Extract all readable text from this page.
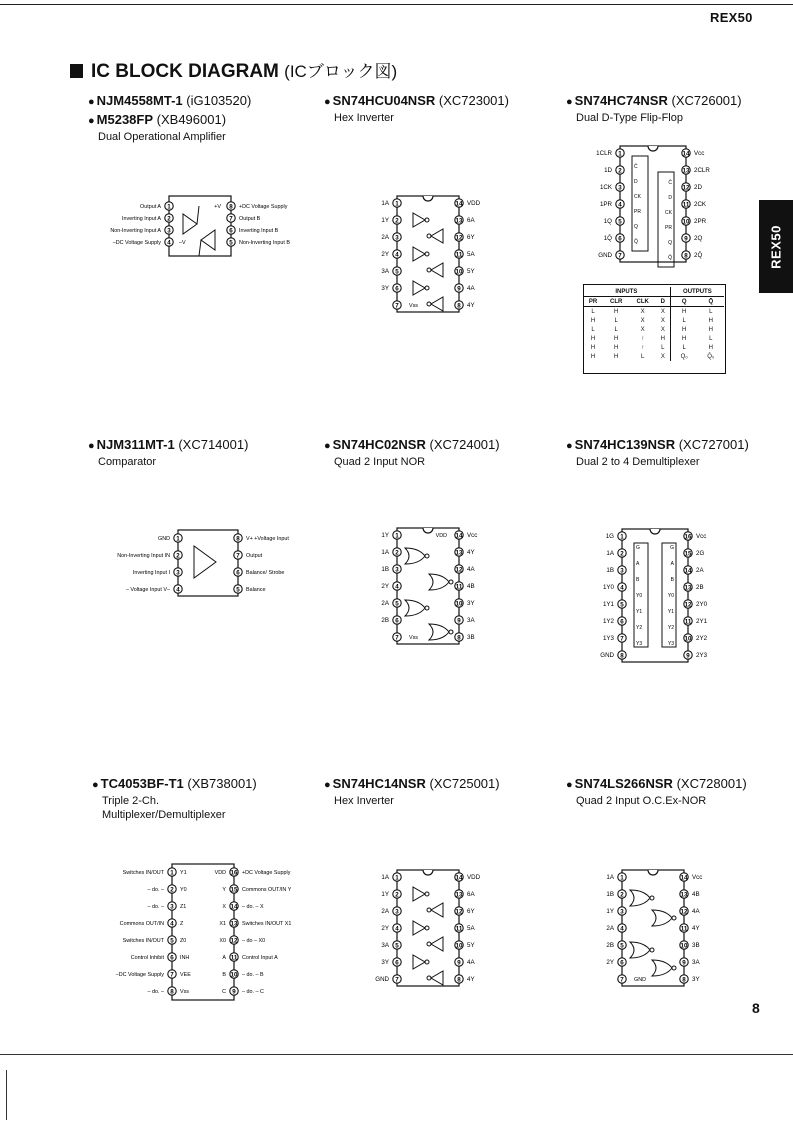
REX50
REX50
IC BLOCK DIAGRAM (ICブロック図)
● NJM4558MT-1 (iG103520)
● M5238FP (XB496001)
Dual Operational Amplifier
● SN74HCU04NSR (XC723001)
Hex Inverter
● SN74HC74NSR (XC726001)
Dual D-Type Flip-Flop
● NJM311MT-1 (XC714001)
Comparator
● SN74HC02NSR (XC724001)
Quad 2 Input NOR
● SN74HC139NSR (XC727001)
Dual 2 to 4 Demultiplexer
● TC4053BF-T1 (XB738001)
Triple 2-Ch. Multiplexer/Demultiplexer
● SN74HC14NSR (XC725001)
Hex Inverter
● SN74LS266NSR (XC728001)
Quad 2 Input O.C.Ex-NOR
1	8
Output A	+DC Voltage Supply
+V
2	7
Inverting Input A	Output B
3	6
Non-Inverting Input A	Inverting Input B
4	5
–DC Voltage Supply	Non-Inverting Input B
–V
1	14
1A	VDD
2	13
1Y	6A
3	12
2A	6Y
4	11
2Y	5A
5	10
3A	5Y
6	9
3Y	4A
7	8 4Y
Vss
1	14
1CLR	Vcc
2	13
1D	2CLR
3	12
1CK	2D
4	11
1PR	2CK
5	10
1Q	2PR
6	9
1Q̄	2Q
7	8
GND	2Q̄
C̄
D
CK
PR
Q
Q̄
C̄
D
CK
PR
Q
Q̄
1	8
GND	V+ +Voltage Input
2	7
Non-Inverting Input IN	Output
3	6
Inverting Input I	Balance/ Strobe
4	5
– Voltage Input V–	Balance
1	14
1Y	Vcc
2	13
1A	4Y
3	12
1B	4A
4	11
2Y	4B
5	10
2A	3Y
6	9
2B	3A
7	8 3B
Vss
VDD	1	16
1G	Vcc
2	15
1A	2G
3	14
1B	2A
4	13
1Y0	2B
5	12
1Y1	2Y0
6	11
1Y2	2Y1
7	10
1Y3	2Y2
8	9
GND	2Y3
G
A
B
Y0
Y1
Y2
Y3
G
A
B
Y0
Y1
Y2
Y3
1	16
Switches IN/OUT	+DC Voltage Supply
Y1	VDD
2	15
– do. –	Commons OUT/IN Y
Y0	Y
3	14
– do. –	– do. – X
Z1	X
4	13
Commons OUT/IN	Switches IN/OUT X1
Z	X1
5	12
Switches IN/OUT	– do – X0
Z0	X0
6	11
Control Inhibit	Control Input A
INH	A
7	10
–DC Voltage Supply	– do. – B
VEE	B
8	9
– do. –	– do. – C
Vss	C
1	14
1A	VDD
2	13
1Y	6A
3	12
2A	6Y
4	11
2Y	5A
5	10
3A	5Y
6	9
3Y	4A
7	8
GND	4Y
1	14
1A	Vcc
2	13
1B	4B
3	12
1Y	4A
4	11
2A	4Y
5	10
2B	3B
6	9
2Y	3A
7	8 3Y
GND
INPUTS				OUTPUTS	
PR	CLR	CLK	D	Q	Q̄
L	H	X	X	H	L
H	L	X	X	L	H
L	L	X	X	H	H
H	H	↑	H	H	L
H	H	↑	L	L	H
H	H	L	X	Q₀	Q̄₀
8
